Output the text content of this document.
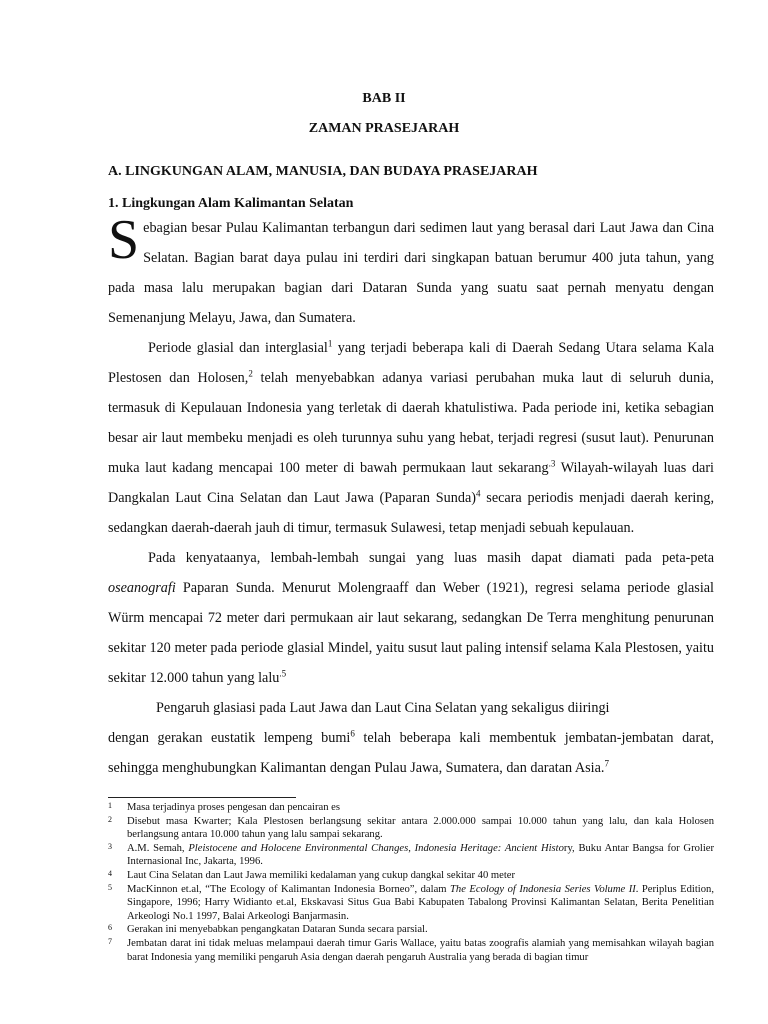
BAB II
ZAMAN PRASEJARAH
A. LINGKUNGAN ALAM, MANUSIA, DAN BUDAYA PRASEJARAH
1. Lingkungan Alam Kalimantan Selatan

Sebagian besar Pulau Kalimantan terbangun dari sedimen laut yang berasal dari Laut Jawa dan Cina Selatan. Bagian barat daya pulau ini terdiri dari singkapan batuan berumur 400 juta tahun, yang pada masa lalu merupakan bagian dari Dataran Sunda yang suatu saat pernah menyatu dengan Semenanjung Melayu, Jawa, dan Sumatera.

Periode glasial dan interglasial$^1$ yang terjadi beberapa kali di Daerah Sedang Utara selama Kala Plestosen dan Holosen,$^2$ telah menyebabkan adanya variasi perubahan muka laut di seluruh dunia, termasuk di Kepulauan Indonesia yang terletak di daerah khatulistiwa. Pada periode ini, ketika sebagian besar air laut membeku menjadi es oleh turunnya suhu yang hebat, terjadi regresi (susut laut). Penurunan muka laut kadang mencapai 100 meter di bawah permukaan laut sekarang$^{.3}$ Wilayah-wilayah luas dari Dangkalan Laut Cina Selatan dan Laut Jawa (Paparan Sunda)$^4$ secara periodis menjadi daerah kering, sedangkan daerah-daerah jauh di timur, termasuk Sulawesi, tetap menjadi sebuah kepulauan.

Pada kenyataanya, lembah-lembah sungai yang luas masih dapat diamati pada peta-peta oseanografi Paparan Sunda. Menurut Molengraaff dan Weber (1921), regresi selama periode glasial Würm mencapai 72 meter dari permukaan air laut sekarang, sedangkan De Terra menghitung penurunan sekitar 120 meter pada periode glasial Mindel, yaitu susut laut paling intensif selama Kala Plestosen, yaitu sekitar 12.000 tahun yang lalu$^{.5}$

Pengaruh glasiasi pada Laut Jawa dan Laut Cina Selatan yang sekaligus diiringi

dengan gerakan eustatik lempeng bumi$^6$ telah beberapa kali membentuk jembatan-jembatan darat, sehingga menghubungkan Kalimantan dengan Pulau Jawa, Sumatera, dan daratan Asia.$^7$

1	Masa terjadinya proses pengesan dan pencairan es
2	Disebut masa Kwarter; Kala Plestosen berlangsung sekitar antara 2.000.000 sampai 10.000 tahun yang lalu, dan kala Holosen berlangsung antara 10.000 tahun yang lalu sampai sekarang.
3	A.M. Semah, Pleistocene and Holocene Environmental Changes, Indonesia Heritage: Ancient History, Buku Antar Bangsa for Grolier Internasional Inc, Jakarta, 1996.
4	Laut Cina Selatan dan Laut Jawa memiliki kedalaman yang cukup dangkal sekitar 40 meter
5	MacKinnon et.al, “The Ecology of Kalimantan Indonesia Borneo”, dalam The Ecology of Indonesia Series Volume II. Periplus Edition, Singapore, 1996; Harry Widianto et.al, Ekskavasi Situs Gua Babi Kabupaten Tabalong Provinsi Kalimantan Selatan, Berita Penelitian Arkeologi No.1 1997, Balai Arkeologi Banjarmasin.
6	Gerakan ini menyebabkan pengangkatan Dataran Sunda secara parsial.
7	Jembatan darat ini tidak meluas melampaui daerah timur Garis Wallace, yaitu batas zoografis alamiah yang memisahkan wilayah bagian barat Indonesia yang memiliki pengaruh Asia dengan daerah pengaruh Australia yang berada di bagian timur
